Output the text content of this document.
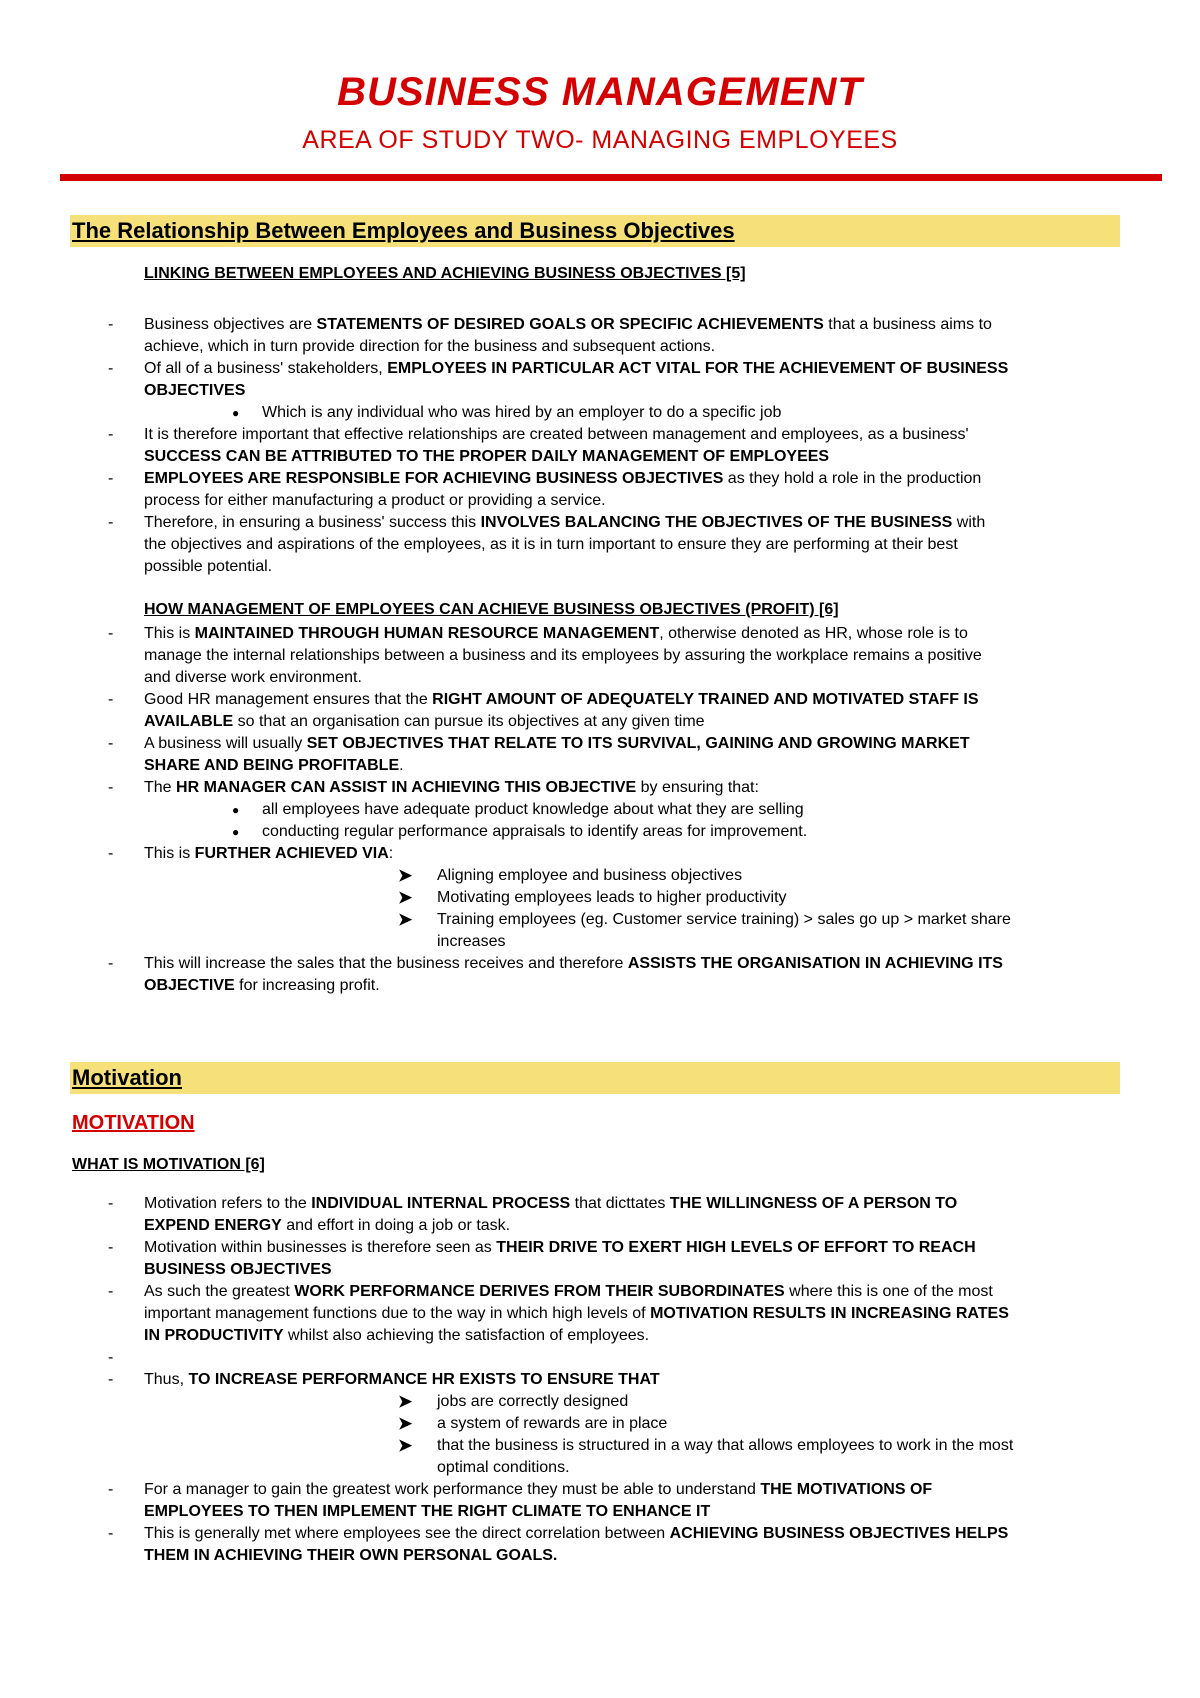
BUSINESS MANAGEMENT
AREA OF STUDY TWO- MANAGING EMPLOYEES
The Relationship Between Employees and Business Objectives
LINKING BETWEEN EMPLOYEES AND ACHIEVING BUSINESS OBJECTIVES [5]
- Business objectives are STATEMENTS OF DESIRED GOALS OR SPECIFIC ACHIEVEMENTS that a business aims to
achieve, which in turn provide direction for the business and subsequent actions.
- Of all of a business' stakeholders, EMPLOYEES IN PARTICULAR ACT VITAL FOR THE ACHIEVEMENT OF BUSINESS
OBJECTIVES
● Which is any individual who was hired by an employer to do a specific job
- It is therefore important that effective relationships are created between management and employees, as a business'
SUCCESS CAN BE ATTRIBUTED TO THE PROPER DAILY MANAGEMENT OF EMPLOYEES
- EMPLOYEES ARE RESPONSIBLE FOR ACHIEVING BUSINESS OBJECTIVES as they hold a role in the production
process for either manufacturing a product or providing a service.
- Therefore, in ensuring a business' success this INVOLVES BALANCING THE OBJECTIVES OF THE BUSINESS with
the objectives and aspirations of the employees, as it is in turn important to ensure they are performing at their best
possible potential.
HOW MANAGEMENT OF EMPLOYEES CAN ACHIEVE BUSINESS OBJECTIVES (PROFIT) [6]
- This is MAINTAINED THROUGH HUMAN RESOURCE MANAGEMENT, otherwise denoted as HR, whose role is to
manage the internal relationships between a business and its employees by assuring the workplace remains a positive
and diverse work environment.
- Good HR management ensures that the RIGHT AMOUNT OF ADEQUATELY TRAINED AND MOTIVATED STAFF IS
AVAILABLE so that an organisation can pursue its objectives at any given time
- A business will usually SET OBJECTIVES THAT RELATE TO ITS SURVIVAL, GAINING AND GROWING MARKET
SHARE AND BEING PROFITABLE.
- The HR MANAGER CAN ASSIST IN ACHIEVING THIS OBJECTIVE by ensuring that:
● all employees have adequate product knowledge about what they are selling
● conducting regular performance appraisals to identify areas for improvement.
- This is FURTHER ACHIEVED VIA:
➤ Aligning employee and business objectives
➤ Motivating employees leads to higher productivity
➤ Training employees (eg. Customer service training) > sales go up > market share
increases
- This will increase the sales that the business receives and therefore ASSISTS THE ORGANISATION IN ACHIEVING ITS
OBJECTIVE for increasing profit.
Motivation
MOTIVATION
WHAT IS MOTIVATION [6]
- Motivation refers to the INDIVIDUAL INTERNAL PROCESS that dicttates THE WILLINGNESS OF A PERSON TO
EXPEND ENERGY and effort in doing a job or task.
- Motivation within businesses is therefore seen as THEIR DRIVE TO EXERT HIGH LEVELS OF EFFORT TO REACH
BUSINESS OBJECTIVES
- As such the greatest WORK PERFORMANCE DERIVES FROM THEIR SUBORDINATES where this is one of the most
important management functions due to the way in which high levels of MOTIVATION RESULTS IN INCREASING RATES
IN PRODUCTIVITY whilst also achieving the satisfaction of employees.
-
- Thus, TO INCREASE PERFORMANCE HR EXISTS TO ENSURE THAT
➤ jobs are correctly designed
➤ a system of rewards are in place
➤ that the business is structured in a way that allows employees to work in the most
optimal conditions.
- For a manager to gain the greatest work performance they must be able to understand THE MOTIVATIONS OF
EMPLOYEES TO THEN IMPLEMENT THE RIGHT CLIMATE TO ENHANCE IT
- This is generally met where employees see the direct correlation between ACHIEVING BUSINESS OBJECTIVES HELPS
THEM IN ACHIEVING THEIR OWN PERSONAL GOALS.
